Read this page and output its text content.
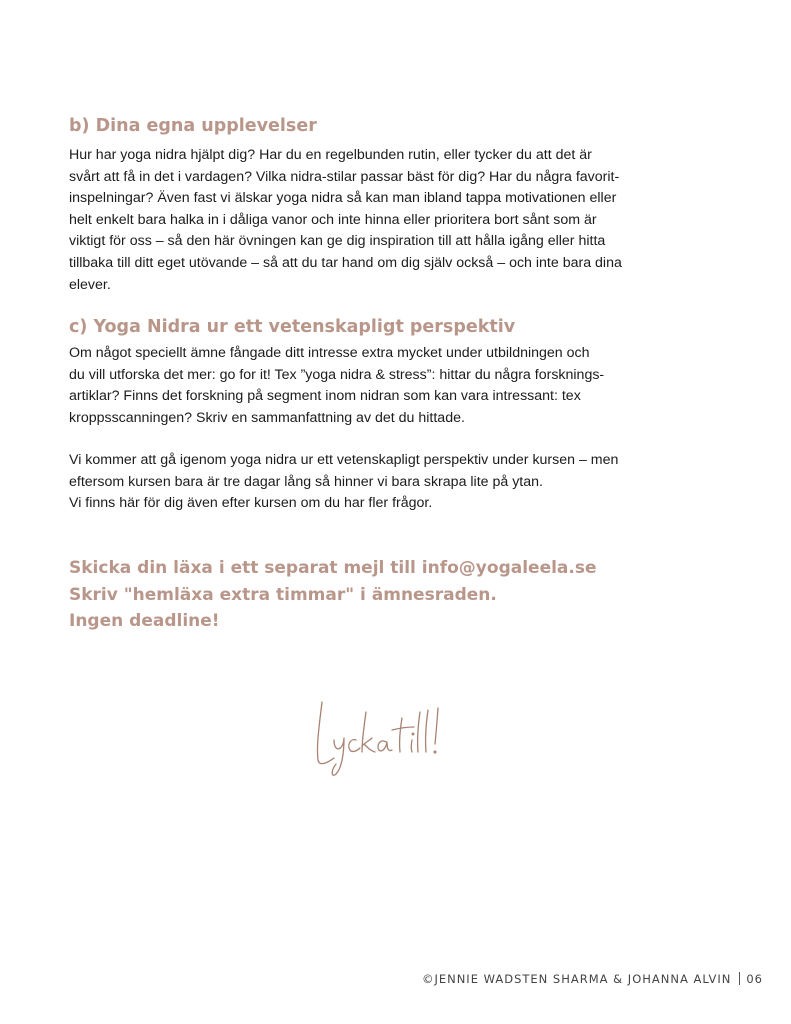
b) Dina egna upplevelser

Hur har yoga nidra hjälpt dig? Har du en regelbunden rutin, eller tycker du att det är
svårt att få in det i vardagen? Vilka nidra-stilar passar bäst för dig? Har du några favorit-
inspelningar? Även fast vi älskar yoga nidra så kan man ibland tappa motivationen eller
helt enkelt bara halka in i dåliga vanor och inte hinna eller prioritera bort sånt som är
viktigt för oss – så den här övningen kan ge dig inspiration till att hålla igång eller hitta
tillbaka till ditt eget utövande – så att du tar hand om dig själv också – och inte bara dina
elever.

c) Yoga Nidra ur ett vetenskapligt perspektiv

Om något speciellt ämne fångade ditt intresse extra mycket under utbildningen och
du vill utforska det mer: go for it! Tex ”yoga nidra & stress”: hittar du några forsknings-
artiklar? Finns det forskning på segment inom nidran som kan vara intressant: tex
kroppsscanningen? Skriv en sammanfattning av det du hittade.

Vi kommer att gå igenom yoga nidra ur ett vetenskapligt perspektiv under kursen – men
eftersom kursen bara är tre dagar lång så hinner vi bara skrapa lite på ytan.
Vi finns här för dig även efter kursen om du har fler frågor.

Skicka din läxa i ett separat mejl till info@yogaleela.se
Skriv "hemläxa extra timmar" i ämnesraden.
Ingen deadline!

©JENNIE WADSTEN SHARMA & JOHANNA ALVIN 06
